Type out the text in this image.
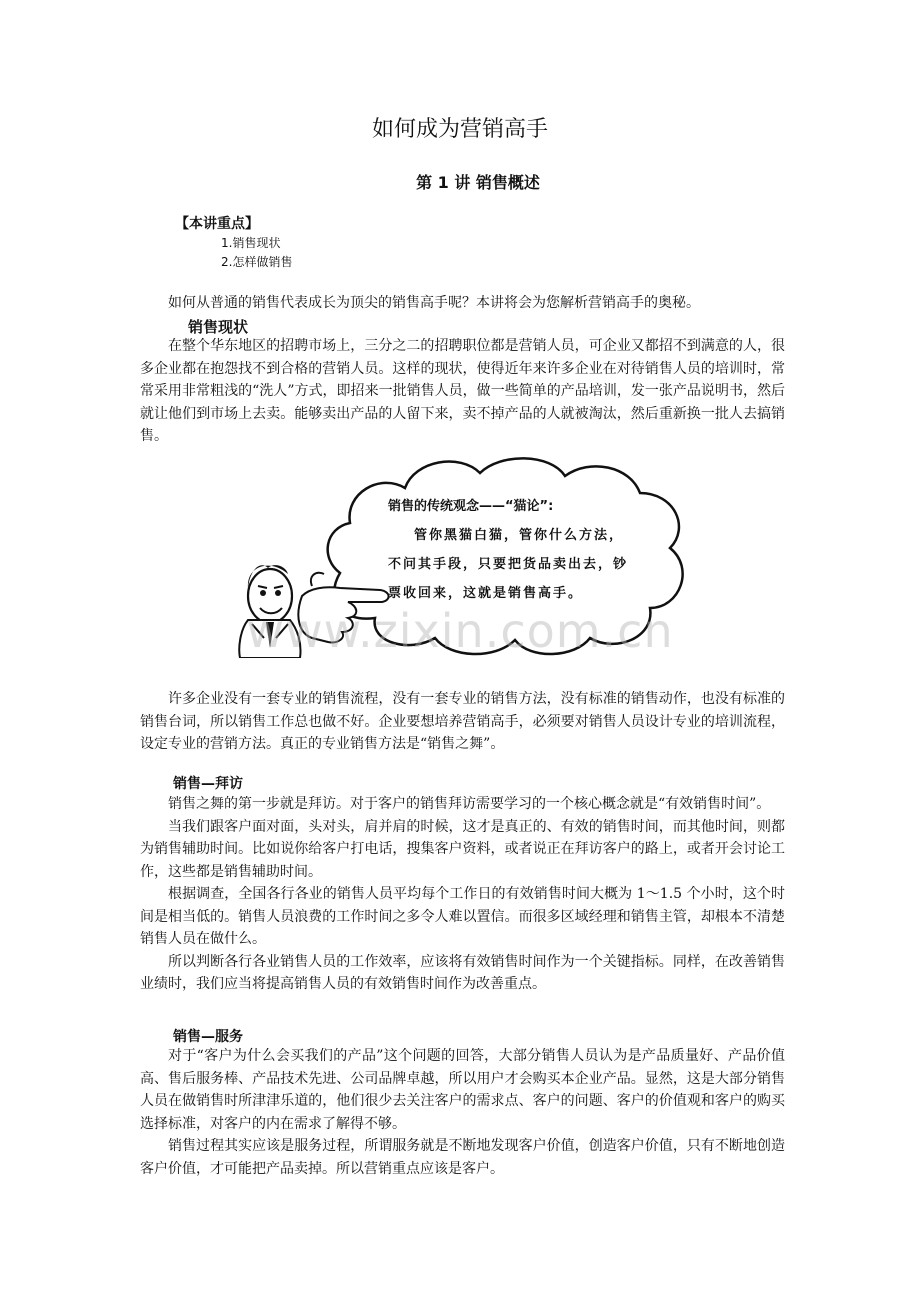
如何成为营销高手
第 1 讲 销售概述
【本讲重点】
1.销售现状
2.怎样做销售

如何从普通的销售代表成长为顶尖的销售高手呢？本讲将会为您解析营销高手的奥秘。

销售现状

在整个华东地区的招聘市场上，三分之二的招聘职位都是营销人员，可企业又都招不到满意的人，很多企业都在抱怨找不到合格的营销人员。这样的现状，使得近年来许多企业在对待销售人员的培训时，常常采用非常粗浅的“洗人”方式，即招来一批销售人员，做一些简单的产品培训，发一张产品说明书，然后就让他们到市场上去卖。能够卖出产品的人留下来，卖不掉产品的人就被淘汰，然后重新换一批人去搞销售。

销售的传统观念——“猫论”:
管你黑猫白猫，管你什么方法，不问其手段，只要把货品卖出去，钞票收回来，这就是销售高手。
www.zixin.com.cn

许多企业没有一套专业的销售流程，没有一套专业的销售方法，没有标准的销售动作，也没有标准的销售台词，所以销售工作总也做不好。企业要想培养营销高手，必须要对销售人员设计专业的培训流程，设定专业的营销方法。真正的专业销售方法是“销售之舞”。

销售—拜访

销售之舞的第一步就是拜访。对于客户的销售拜访需要学习的一个核心概念就是“有效销售时间”。

当我们跟客户面对面，头对头，肩并肩的时候，这才是真正的、有效的销售时间，而其他时间，则都为销售辅助时间。比如说你给客户打电话，搜集客户资料，或者说正在拜访客户的路上，或者开会讨论工作，这些都是销售辅助时间。

根据调查，全国各行各业的销售人员平均每个工作日的有效销售时间大概为 1～1.5 个小时，这个时间是相当低的。销售人员浪费的工作时间之多令人难以置信。而很多区域经理和销售主管，却根本不清楚销售人员在做什么。

所以判断各行各业销售人员的工作效率，应该将有效销售时间作为一个关键指标。同样，在改善销售业绩时，我们应当将提高销售人员的有效销售时间作为改善重点。

销售—服务

对于“客户为什么会买我们的产品”这个问题的回答，大部分销售人员认为是产品质量好、产品价值高、售后服务棒、产品技术先进、公司品牌卓越，所以用户才会购买本企业产品。显然，这是大部分销售人员在做销售时所津津乐道的，他们很少去关注客户的需求点、客户的问题、客户的价值观和客户的购买选择标准，对客户的内在需求了解得不够。

销售过程其实应该是服务过程，所谓服务就是不断地发现客户价值，创造客户价值，只有不断地创造客户价值，才可能把产品卖掉。所以营销重点应该是客户。
